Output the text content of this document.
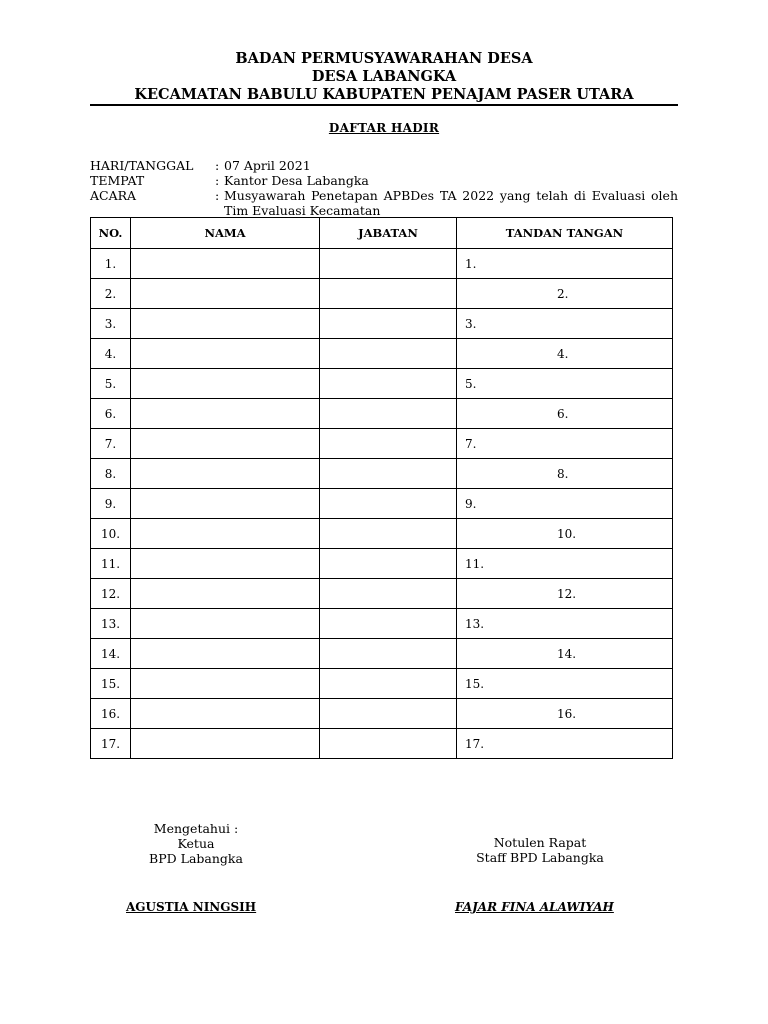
BADAN PERMUSYAWARAHAN DESA
DESA LABANGKA
KECAMATAN BABULU KABUPATEN PENAJAM PASER UTARA
DAFTAR HADIR
HARI/TANGGAL	: 07 April 2021
TEMPAT	: Kantor Desa Labangka
ACARA	: Musyawarah Penetapan APBDes TA 2022 yang telah di Evaluasi oleh Tim Evaluasi Kecamatan
NO.	NAMA	JABATAN	TANDAN TANGAN
1.			1.
2.			2.
3.			3.
4.			4.
5.			5.
6.			6.
7.			7.
8.			8.
9.			9.
10.			10.
11.			11.
12.			12.
13.			13.
14.			14.
15.			15.
16.			16.
17.			17.
Mengetahui :
Ketua
BPD Labangka
Notulen Rapat
Staff BPD Labangka
AGUSTIA NINGSIH	FAJAR FINA ALAWIYAH
